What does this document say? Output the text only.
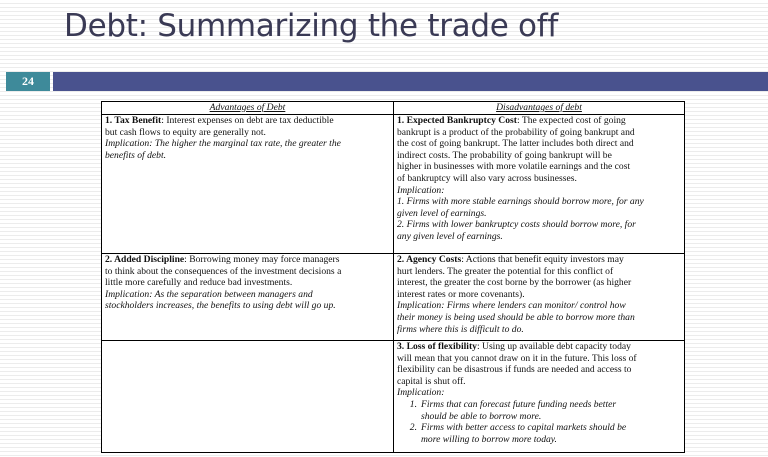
Debt: Summarizing the trade off
24
Advantages of Debt	Disadvantages of debt
1. Tax Benefit: Interest expenses on debt are tax deductible
but cash flows to equity are generally not.
Implication: The higher the marginal tax rate, the greater the
benefits of debt.
1. Expected Bankruptcy Cost: The expected cost of going
bankrupt is a product of the probability of going bankrupt and
the cost of going bankrupt. The latter includes both direct and
indirect costs. The probability of going bankrupt will be
higher in businesses with more volatile earnings and the cost
of bankruptcy will also vary across businesses.
Implication:
1. Firms with more stable earnings should borrow more, for any
given level of earnings.
2. Firms with lower bankruptcy costs should borrow more, for
any given level of earnings.
2. Added Discipline: Borrowing money may force managers
to think about the consequences of the investment decisions a
little more carefully and reduce bad investments.
Implication: As the separation between managers and
stockholders increases, the benefits to using debt will go up.
2. Agency Costs: Actions that benefit equity investors may
hurt lenders. The greater the potential for this conflict of
interest, the greater the cost borne by the borrower (as higher
interest rates or more covenants).
Implication: Firms where lenders can monitor/ control how
their money is being used should be able to borrow more than
firms where this is difficult to do.
3. Loss of flexibility: Using up available debt capacity today
will mean that you cannot draw on it in the future. This loss of
flexibility can be disastrous if funds are needed and access to
capital is shut off.
Implication:
1. Firms that can forecast future funding needs better
should be able to borrow more.
2. Firms with better access to capital markets should be
more willing to borrow more today.
